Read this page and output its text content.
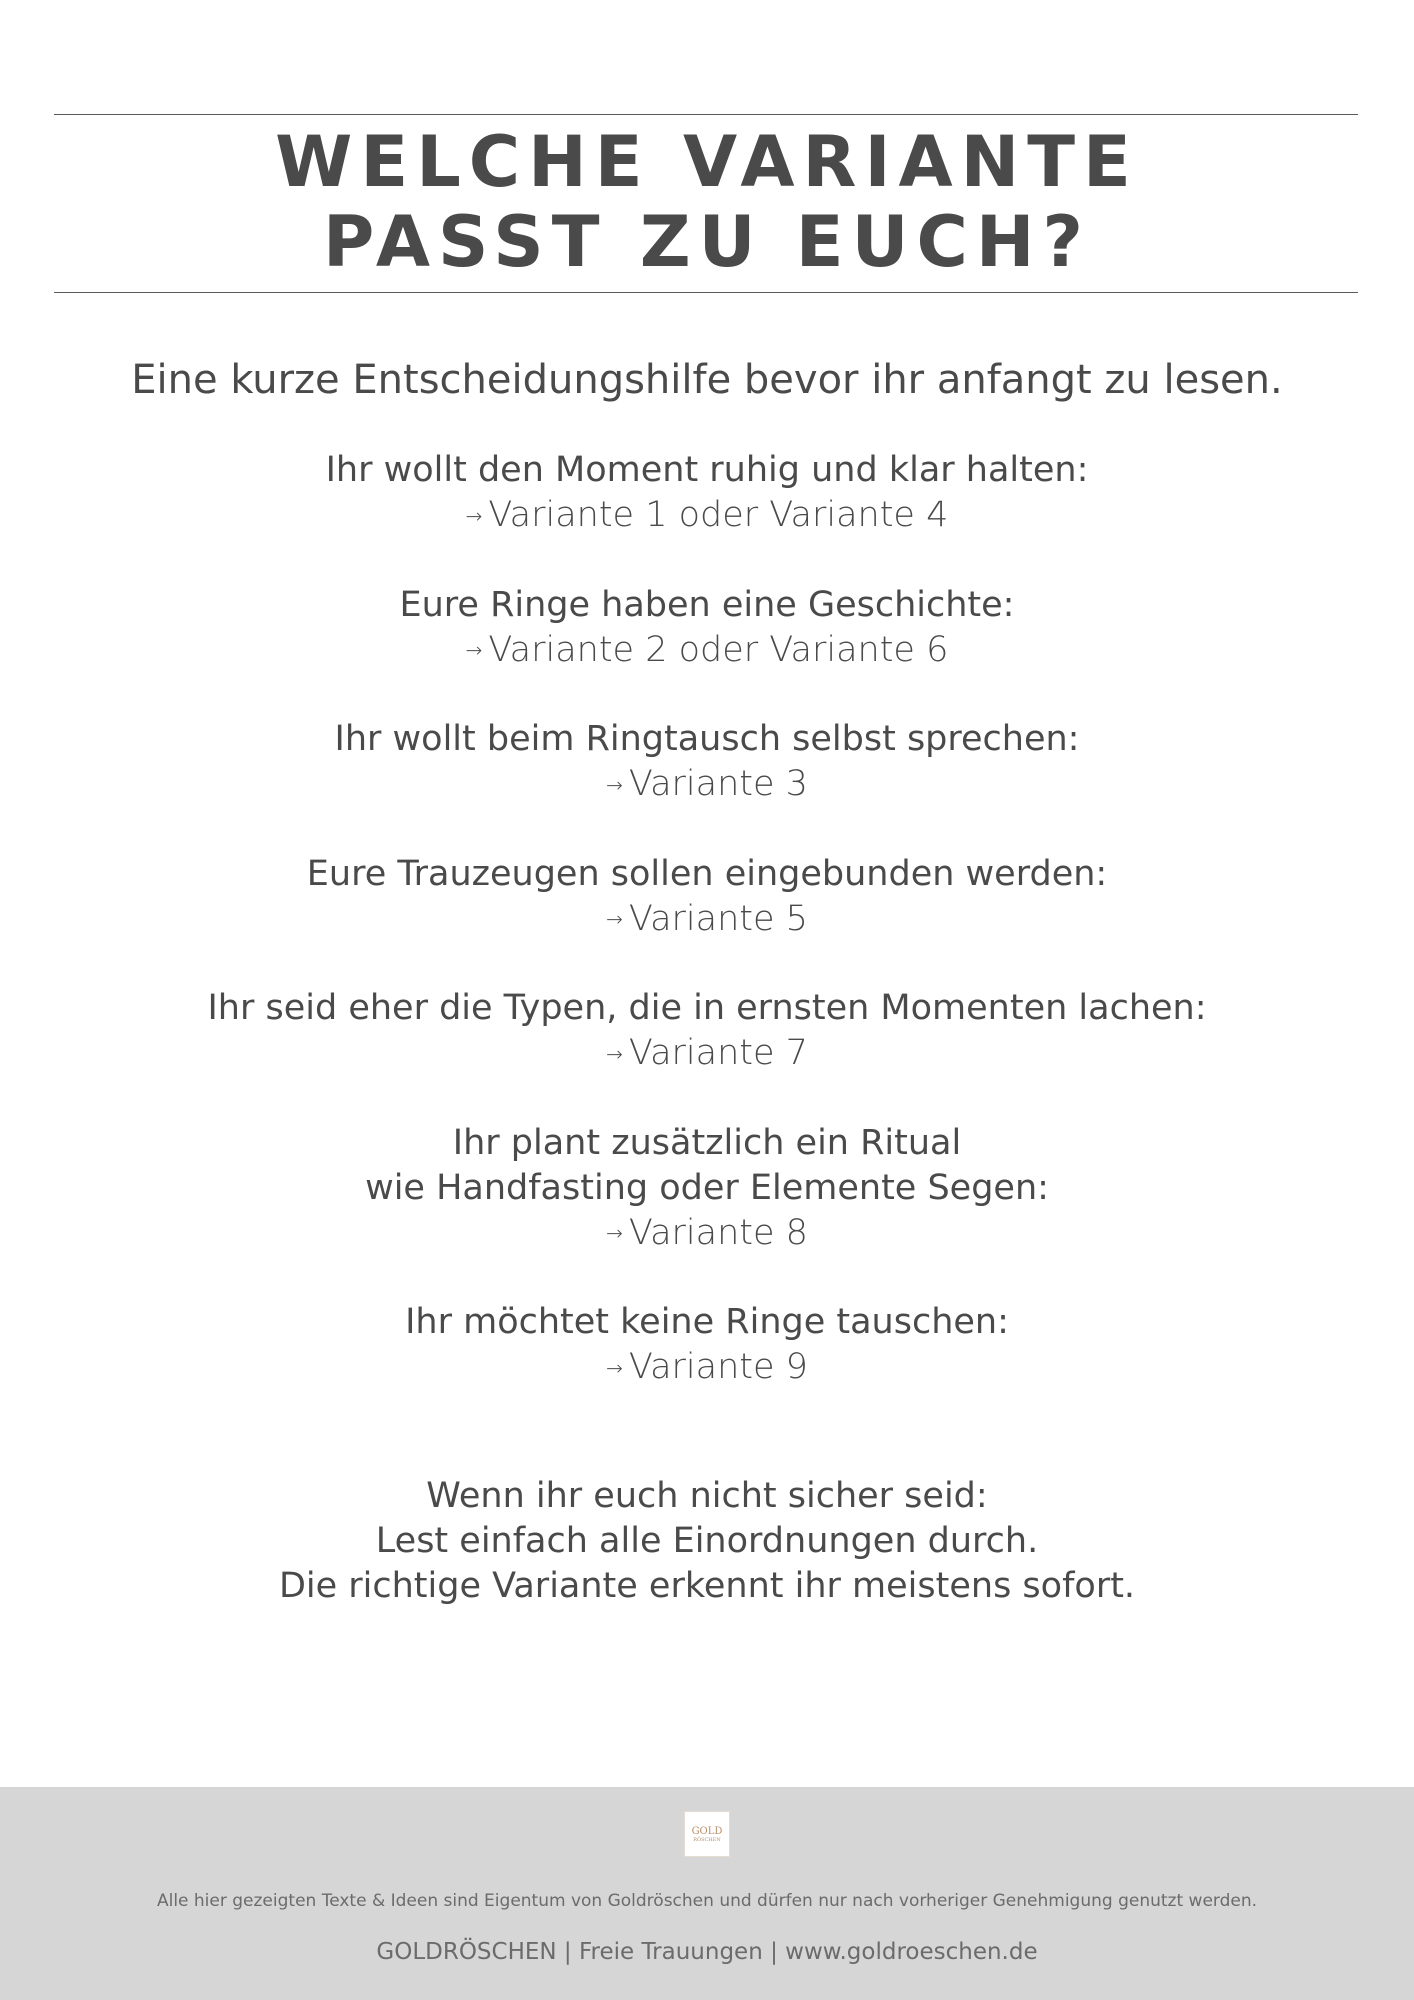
WELCHE VARIANTE
PASST ZU EUCH?
Eine kurze Entscheidungshilfe bevor ihr anfangt zu lesen.
Ihr wollt den Moment ruhig und klar halten:
→ Variante 1 oder Variante 4
Eure Ringe haben eine Geschichte:
→ Variante 2 oder Variante 6
Ihr wollt beim Ringtausch selbst sprechen:
→ Variante 3
Eure Trauzeugen sollen eingebunden werden:
→ Variante 5
Ihr seid eher die Typen, die in ernsten Momenten lachen:
→ Variante 7
Ihr plant zusätzlich ein Ritual
wie Handfasting oder Elemente Segen:
→ Variante 8
Ihr möchtet keine Ringe tauschen:
→ Variante 9
Wenn ihr euch nicht sicher seid:
Lest einfach alle Einordnungen durch.
Die richtige Variante erkennt ihr meistens sofort.
GOLD
RÖSCHEN
Alle hier gezeigten Texte & Ideen sind Eigentum von Goldröschen und dürfen nur nach vorheriger Genehmigung genutzt werden.
GOLDRÖSCHEN | Freie Trauungen | www.goldroeschen.de
